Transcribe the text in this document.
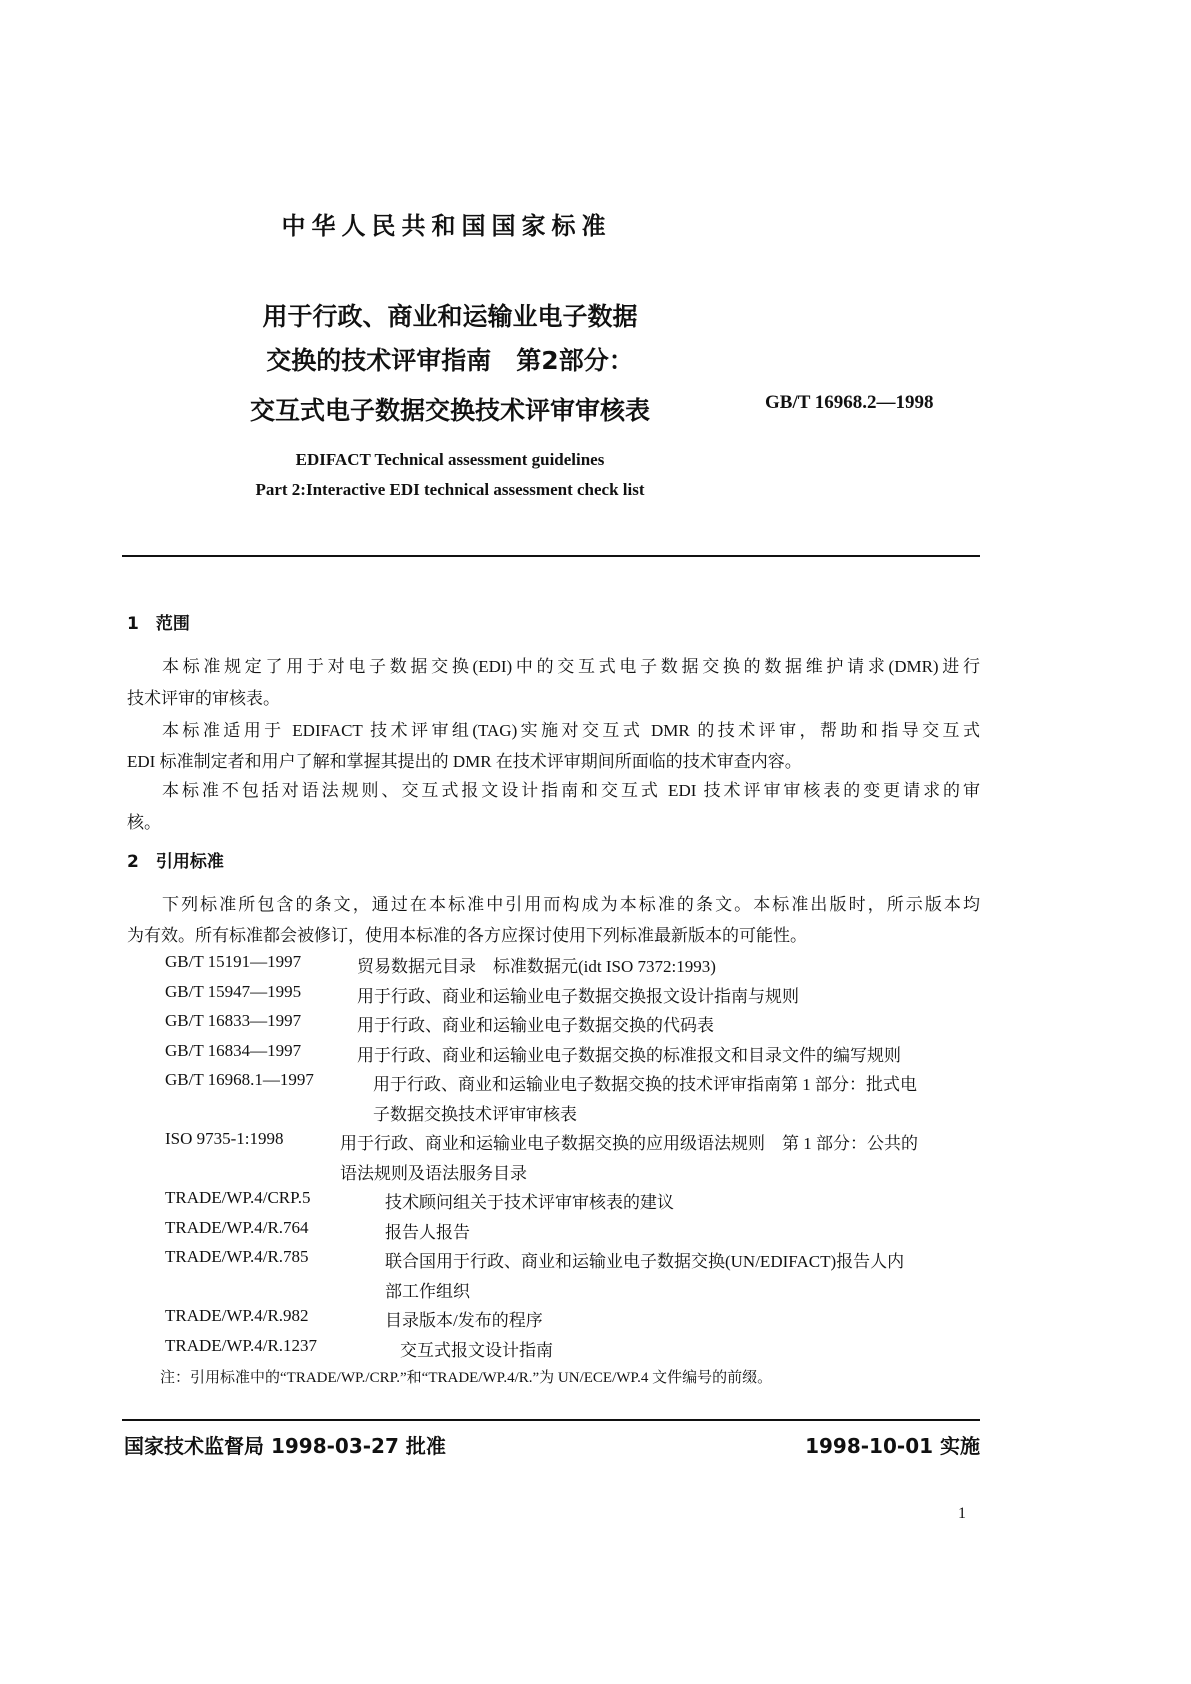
中华人民共和国国家标准
用于行政、商业和运输业电子数据
交换的技术评审指南　第2部分：
交互式电子数据交换技术评审审核表	GB/T 16968.2—1998
EDIFACT Technical assessment guidelines
Part 2:Interactive EDI technical assessment check list
1　范围
本标准规定了用于对电子数据交换(EDI)中的交互式电子数据交换的数据维护请求(DMR)进行
技术评审的审核表。
本标准适用于 EDIFACT 技术评审组(TAG)实施对交互式 DMR 的技术评审，帮助和指导交互式
EDI 标准制定者和用户了解和掌握其提出的 DMR 在技术评审期间所面临的技术审查内容。
本标准不包括对语法规则、交互式报文设计指南和交互式 EDI 技术评审审核表的变更请求的审
核。
2　引用标准
下列标准所包含的条文，通过在本标准中引用而构成为本标准的条文。本标准出版时，所示版本均
为有效。所有标准都会被修订，使用本标准的各方应探讨使用下列标准最新版本的可能性。
GB/T 15191—1997	贸易数据元目录　标准数据元(idt ISO 7372:1993)
GB/T 15947—1995	用于行政、商业和运输业电子数据交换报文设计指南与规则
GB/T 16833—1997	用于行政、商业和运输业电子数据交换的代码表
GB/T 16834—1997	用于行政、商业和运输业电子数据交换的标准报文和目录文件的编写规则
GB/T 16968.1—1997	用于行政、商业和运输业电子数据交换的技术评审指南第 1 部分：批式电
子数据交换技术评审审核表
ISO 9735-1:1998	用于行政、商业和运输业电子数据交换的应用级语法规则　第 1 部分：公共的
语法规则及语法服务目录
TRADE/WP.4/CRP.5	技术顾问组关于技术评审审核表的建议
TRADE/WP.4/R.764	报告人报告
TRADE/WP.4/R.785	联合国用于行政、商业和运输业电子数据交换(UN/EDIFACT)报告人内
部工作组织
TRADE/WP.4/R.982	目录版本/发布的程序
TRADE/WP.4/R.1237	交互式报文设计指南
注：引用标准中的“TRADE/WP./CRP.”和“TRADE/WP.4/R.”为 UN/ECE/WP.4 文件编号的前缀。
国家技术监督局 1998-03-27 批准	1998-10-01 实施
1
